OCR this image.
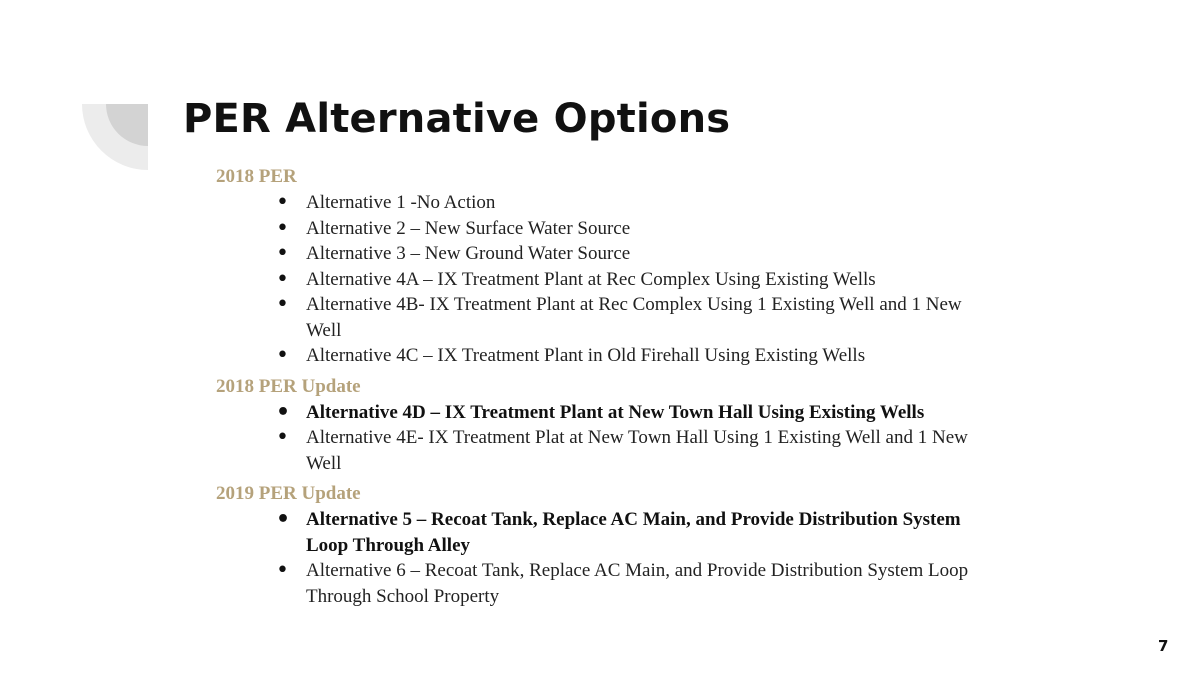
PER Alternative Options
2018 PER
• Alternative 1 -No Action
• Alternative 2 – New Surface Water Source
• Alternative 3 – New Ground Water Source
• Alternative 4A – IX Treatment Plant at Rec Complex Using Existing Wells
• Alternative 4B- IX Treatment Plant at Rec Complex Using 1 Existing Well and 1 New Well
• Alternative 4C – IX Treatment Plant in Old Firehall Using Existing Wells
2018 PER Update
• Alternative 4D – IX Treatment Plant at New Town Hall Using Existing Wells
• Alternative 4E- IX Treatment Plat at New Town Hall Using 1 Existing Well and 1 New Well
2019 PER Update
• Alternative 5 – Recoat Tank, Replace AC Main, and Provide Distribution System Loop Through Alley
• Alternative 6 – Recoat Tank, Replace AC Main, and Provide Distribution System Loop Through School Property
7
